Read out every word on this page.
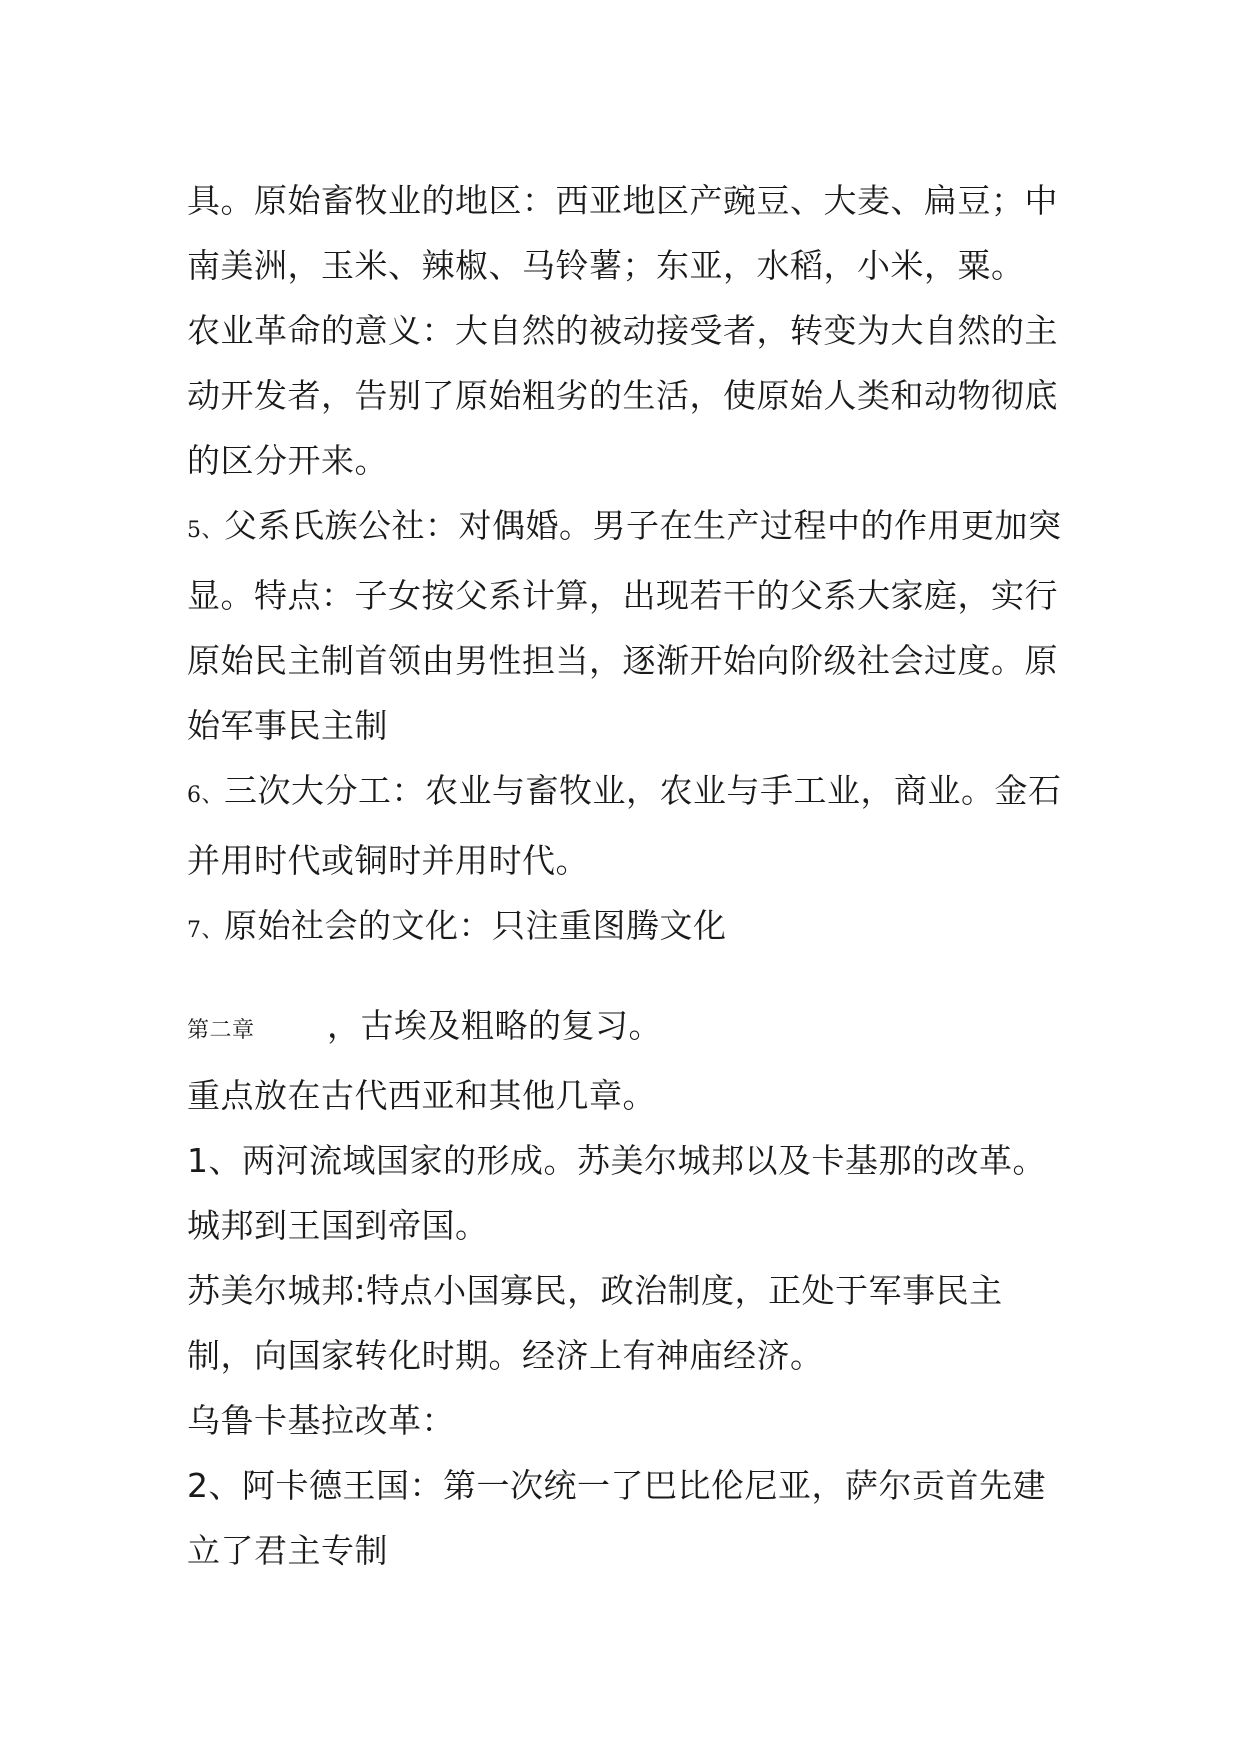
具。原始畜牧业的地区：西亚地区产豌豆、大麦、扁豆；中南美洲，玉米、辣椒、马铃薯；东亚，水稻，小米，粟。

农业革命的意义：大自然的被动接受者，转变为大自然的主动开发者，告别了原始粗劣的生活，使原始人类和动物彻底的区分开来。

5、父系氏族公社：对偶婚。男子在生产过程中的作用更加突显。特点：子女按父系计算，出现若干的父系大家庭，实行原始民主制首领由男性担当，逐渐开始向阶级社会过度。原始军事民主制

6、三次大分工：农业与畜牧业，农业与手工业，商业。金石并用时代或铜时并用时代。

7、原始社会的文化：只注重图腾文化

第二章 ，古埃及粗略的复习。

重点放在古代西亚和其他几章。

1、两河流域国家的形成。苏美尔城邦以及卡基那的改革。城邦到王国到帝国。

苏美尔城邦:特点小国寡民，政治制度，正处于军事民主制，向国家转化时期。经济上有神庙经济。

乌鲁卡基拉改革：

2、阿卡德王国：第一次统一了巴比伦尼亚，萨尔贡首先建立了君主专制
